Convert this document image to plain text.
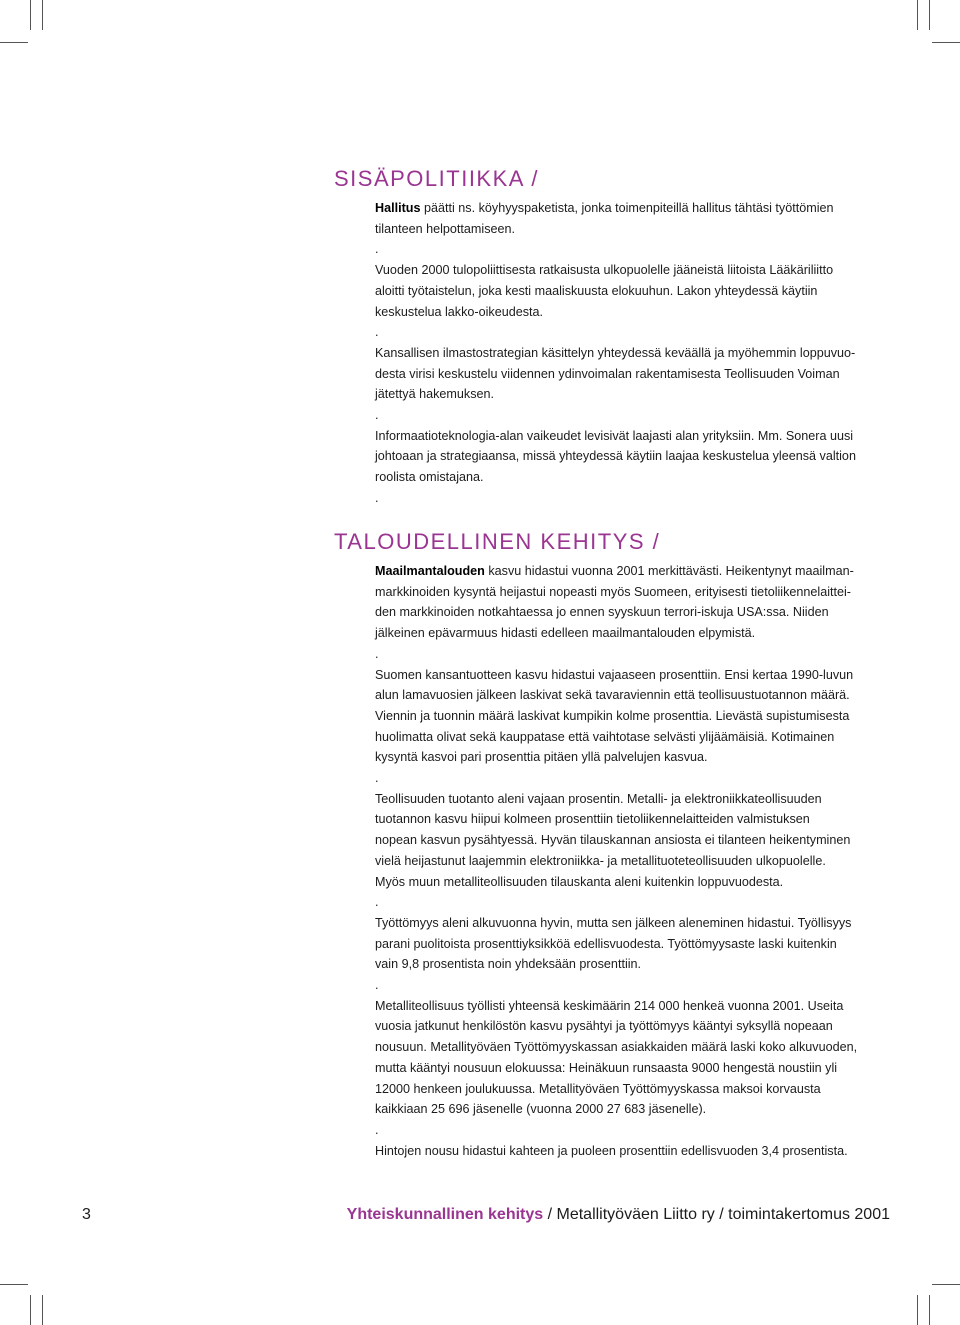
SISÄPOLITIIKKA /

Hallitus päätti ns. köyhyyspaketista, jonka toimenpiteillä hallitus tähtäsi työttömien
tilanteen helpottamiseen.

.

Vuoden 2000 tulopoliittisesta ratkaisusta ulkopuolelle jääneistä liitoista Lääkäriliitto
aloitti työtaistelun, joka kesti maaliskuusta elokuuhun. Lakon yhteydessä käytiin
keskustelua lakko-oikeudesta.

.

Kansallisen ilmastostrategian käsittelyn yhteydessä keväällä ja myöhemmin loppuvuo-
desta virisi keskustelu viidennen ydinvoimalan rakentamisesta Teollisuuden Voiman
jätettyä hakemuksen.

.

Informaatioteknologia-alan vaikeudet levisivät laajasti alan yrityksiin. Mm. Sonera uusi
johtoaan ja strategiaansa, missä yhteydessä käytiin laajaa keskustelua yleensä valtion
roolista omistajana.

.

TALOUDELLINEN KEHITYS /

Maailmantalouden kasvu hidastui vuonna 2001 merkittävästi. Heikentynyt maailman-
markkinoiden kysyntä heijastui nopeasti myös Suomeen, erityisesti tietoliikennelaittei-
den markkinoiden notkahtaessa jo ennen syyskuun terrori-iskuja USA:ssa. Niiden
jälkeinen epävarmuus hidasti edelleen maailmantalouden elpymistä.

.

Suomen kansantuotteen kasvu hidastui vajaaseen prosenttiin. Ensi kertaa 1990-luvun
alun lamavuosien jälkeen laskivat sekä tavaraviennin että teollisuustuotannon määrä.
Viennin ja tuonnin määrä laskivat kumpikin kolme prosenttia. Lievästä supistumisesta
huolimatta olivat sekä kauppatase että vaihtotase selvästi ylijäämäisiä. Kotimainen
kysyntä kasvoi pari prosenttia pitäen yllä palvelujen kasvua.

.

Teollisuuden tuotanto aleni vajaan prosentin. Metalli- ja elektroniikkateollisuuden
tuotannon kasvu hiipui kolmeen prosenttiin tietoliikennelaitteiden valmistuksen
nopean kasvun pysähtyessä. Hyvän tilauskannan ansiosta ei tilanteen heikentyminen
vielä heijastunut laajemmin elektroniikka- ja metallituoteteollisuuden ulkopuolelle.
Myös muun metalliteollisuuden tilauskanta aleni kuitenkin loppuvuodesta.

.

Työttömyys aleni alkuvuonna hyvin, mutta sen jälkeen aleneminen hidastui. Työllisyys
parani puolitoista prosenttiyksikköä edellisvuodesta. Työttömyysaste laski kuitenkin
vain 9,8 prosentista noin yhdeksään prosenttiin.

.

Metalliteollisuus työllisti yhteensä keskimäärin 214 000 henkeä vuonna 2001. Useita
vuosia jatkunut henkilöstön kasvu pysähtyi ja työttömyys kääntyi syksyllä nopeaan
nousuun. Metallityöväen Työttömyyskassan asiakkaiden määrä laski koko alkuvuoden,
mutta kääntyi nousuun elokuussa: Heinäkuun runsaasta 9000 hengestä noustiin yli
12000 henkeen joulukuussa. Metallityöväen Työttömyyskassa maksoi korvausta
kaikkiaan 25 696 jäsenelle (vuonna 2000 27 683 jäsenelle).

.

Hintojen nousu hidastui kahteen ja puoleen prosenttiin edellisvuoden 3,4 prosentista.

3	Yhteiskunnallinen kehitys / Metallityöväen Liitto ry / toimintakertomus 2001
